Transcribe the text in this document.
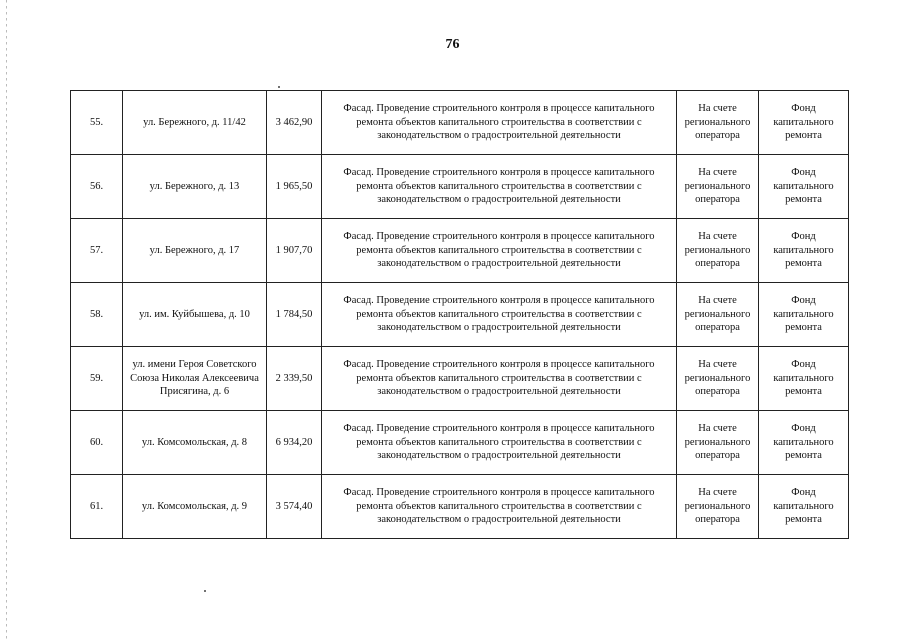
76
55.	ул. Бережного, д. 11/42	3 462,90	Фасад. Проведение строительного контроля в процессе капитального ремонта объектов капитального строительства в соответствии с законодательством о градостроительной деятельности	На счете регионального оператора	Фонд капитального ремонта
56.	ул. Бережного, д. 13	1 965,50	Фасад. Проведение строительного контроля в процессе капитального ремонта объектов капитального строительства в соответствии с законодательством о градостроительной деятельности	На счете регионального оператора	Фонд капитального ремонта
57.	ул. Бережного, д. 17	1 907,70	Фасад. Проведение строительного контроля в процессе капитального ремонта объектов капитального строительства в соответствии с законодательством о градостроительной деятельности	На счете регионального оператора	Фонд капитального ремонта
58.	ул. им. Куйбышева, д. 10	1 784,50	Фасад. Проведение строительного контроля в процессе капитального ремонта объектов капитального строительства в соответствии с законодательством о градостроительной деятельности	На счете регионального оператора	Фонд капитального ремонта
59.	ул. имени Героя Советского Союза Николая Алексеевича Присягина, д. 6	2 339,50	Фасад. Проведение строительного контроля в процессе капитального ремонта объектов капитального строительства в соответствии с законодательством о градостроительной деятельности	На счете регионального оператора	Фонд капитального ремонта
60.	ул. Комсомольская, д. 8	6 934,20	Фасад. Проведение строительного контроля в процессе капитального ремонта объектов капитального строительства в соответствии с законодательством о градостроительной деятельности	На счете регионального оператора	Фонд капитального ремонта
61.	ул. Комсомольская, д. 9	3 574,40	Фасад. Проведение строительного контроля в процессе капитального ремонта объектов капитального строительства в соответствии с законодательством о градостроительной деятельности	На счете регионального оператора	Фонд капитального ремонта
